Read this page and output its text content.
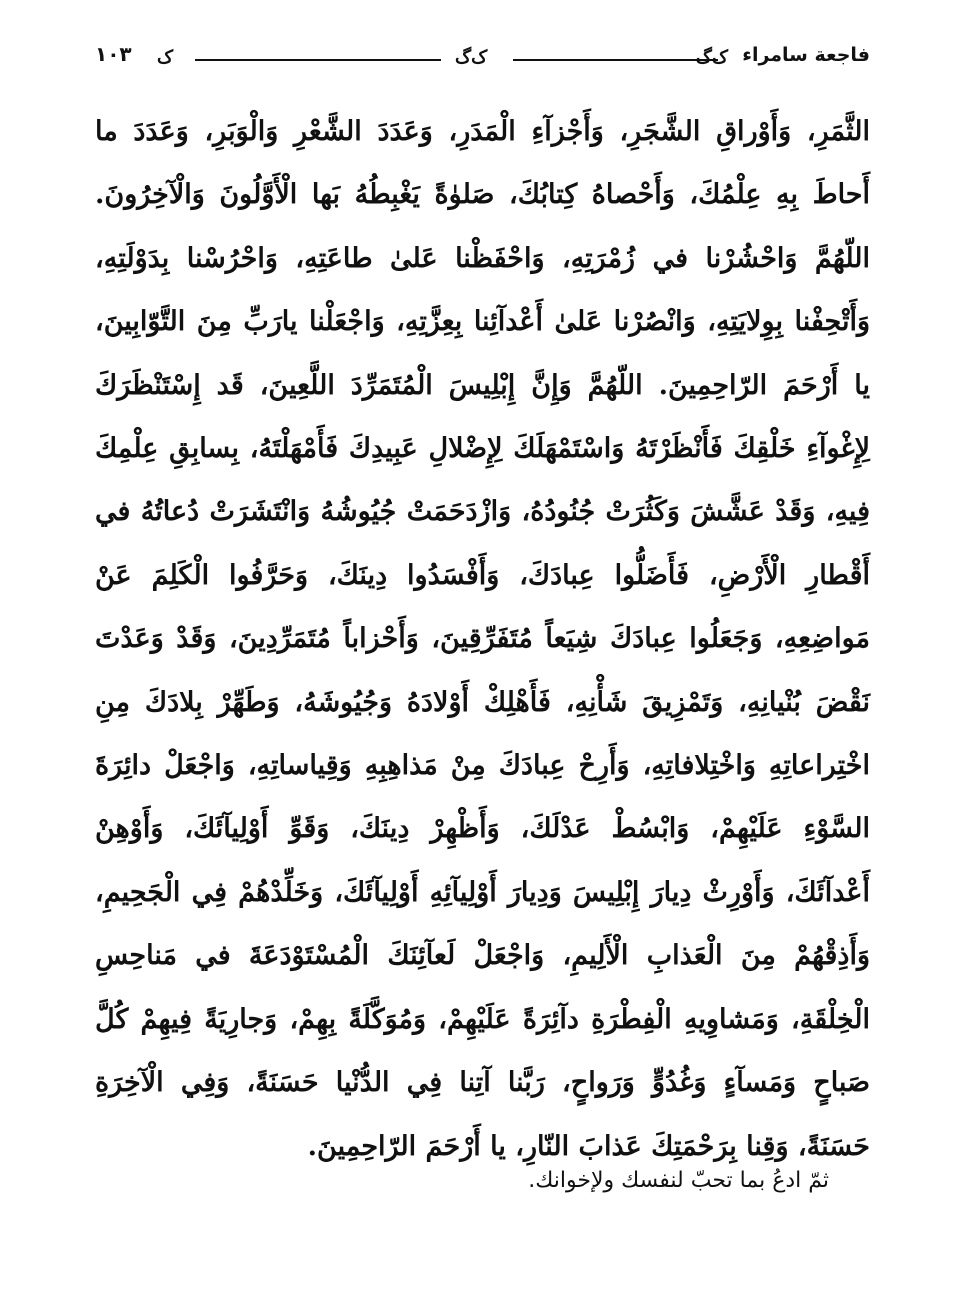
فاجعة سامراء
ﮎﮒ
ﮎﮒ
ﮎ
١٠٣

الثَّمَرِ، وَأَوْراقِ الشَّجَرِ، وَأَجْزآءِ الْمَدَرِ، وَعَدَدَ الشَّعْرِ وَالْوَبَرِ، وَعَدَدَ ما أَحاطَ بِهِ عِلْمُكَ، وَأَحْصاهُ كِتابُكَ، صَلوٰةً يَغْبِطُهُ بَها الْأَوَّلُونَ وَالْآخِرُونَ. اللّهُمَّ وَاحْشُرْنا في زُمْرَتِهِ، وَاحْفَظْنا عَلىٰ طاعَتِهِ، وَاحْرُسْنا بِدَوْلَتِهِ، وَأَتْحِفْنا بِوِلايَتِهِ، وَانْصُرْنا عَلىٰ أَعْدآئِنا بِعِزَّتِهِ، وَاجْعَلْنا يارَبِّ مِنَ التَّوّابِينَ، يا أَرْحَمَ الرّاحِمِينَ. اللّهُمَّ وَإِنَّ إِبْلِيسَ الْمُتَمَرِّدَ اللَّعِينَ، قَد إِسْتَنْظَرَكَ لِإِغْوآءِ خَلْقِكَ فَأَنْظَرْتَهُ وَاسْتَمْهَلَكَ لِإِضْلالِ عَبِيدِكَ فَأَمْهَلْتَهُ، بِسابِقِ عِلْمِكَ فِيهِ، وَقَدْ عَشَّشَ وَكَثُرَتْ جُنُودُهُ، وَازْدَحَمَتْ جُيُوشُهُ وَانْتَشَرَتْ دُعاتُهُ في أَقْطارِ الْأَرْضِ، فَأَضَلُّوا عِبادَكَ، وَأَفْسَدُوا دِينَكَ، وَحَرَّفُوا الْكَلِمَ عَنْ مَواضِعِهِ، وَجَعَلُوا عِبادَكَ شِيَعاً مُتَفَرِّقِينَ، وَأَحْزاباً مُتَمَرِّدِينَ، وَقَدْ وَعَدْتَ نَقْضَ بُنْيانِهِ، وَتَمْزِيقَ شَأْنِهِ، فَأَهْلِكْ أَوْلادَهُ وَجُيُوشَهُ، وَطَهِّرْ بِلادَكَ مِنِ اخْتِراعاتِهِ وَاخْتِلافاتِهِ، وَأَرِحْ عِبادَكَ مِنْ مَذاهِبِهِ وَقِياساتِهِ، وَاجْعَلْ دائِرَةَ السَّوْءِ عَلَيْهِمْ، وَابْسُطْ عَدْلَكَ، وَأَظْهِرْ دِينَكَ، وَقَوِّ أَوْلِيآئَكَ، وَأَوْهِنْ أَعْدآئَكَ، وَأَوْرِثْ دِيارَ إِبْلِيسَ وَدِيارَ أَوْلِيآئِهِ أَوْلِيآئَكَ، وَخَلِّدْهُمْ فِي الْجَحِيمِ، وَأَذِقْهُمْ مِنَ الْعَذابِ الْأَلِيمِ، وَاجْعَلْ لَعآئِنَكَ الْمُسْتَوْدَعَةَ في مَناحِسِ الْخِلْقَةِ، وَمَشاوِيهِ الْفِطْرَةِ دآئِرَةً عَلَيْهِمْ، وَمُوَكَّلَةً بِهِمْ، وَجارِيَةً فِيهِمْ كُلَّ صَباحٍ وَمَسآءٍ وَغُدُوٍّ وَرَواحٍ، رَبَّنا آتِنا فِي الدُّنْيا حَسَنَةً، وَفِي الْآخِرَةِ حَسَنَةً، وَقِنا بِرَحْمَتِكَ عَذابَ النّارِ، يا أَرْحَمَ الرّاحِمِينَ.

ثمّ ادعُ بما تحبّ لنفسك ولإخوانك.
